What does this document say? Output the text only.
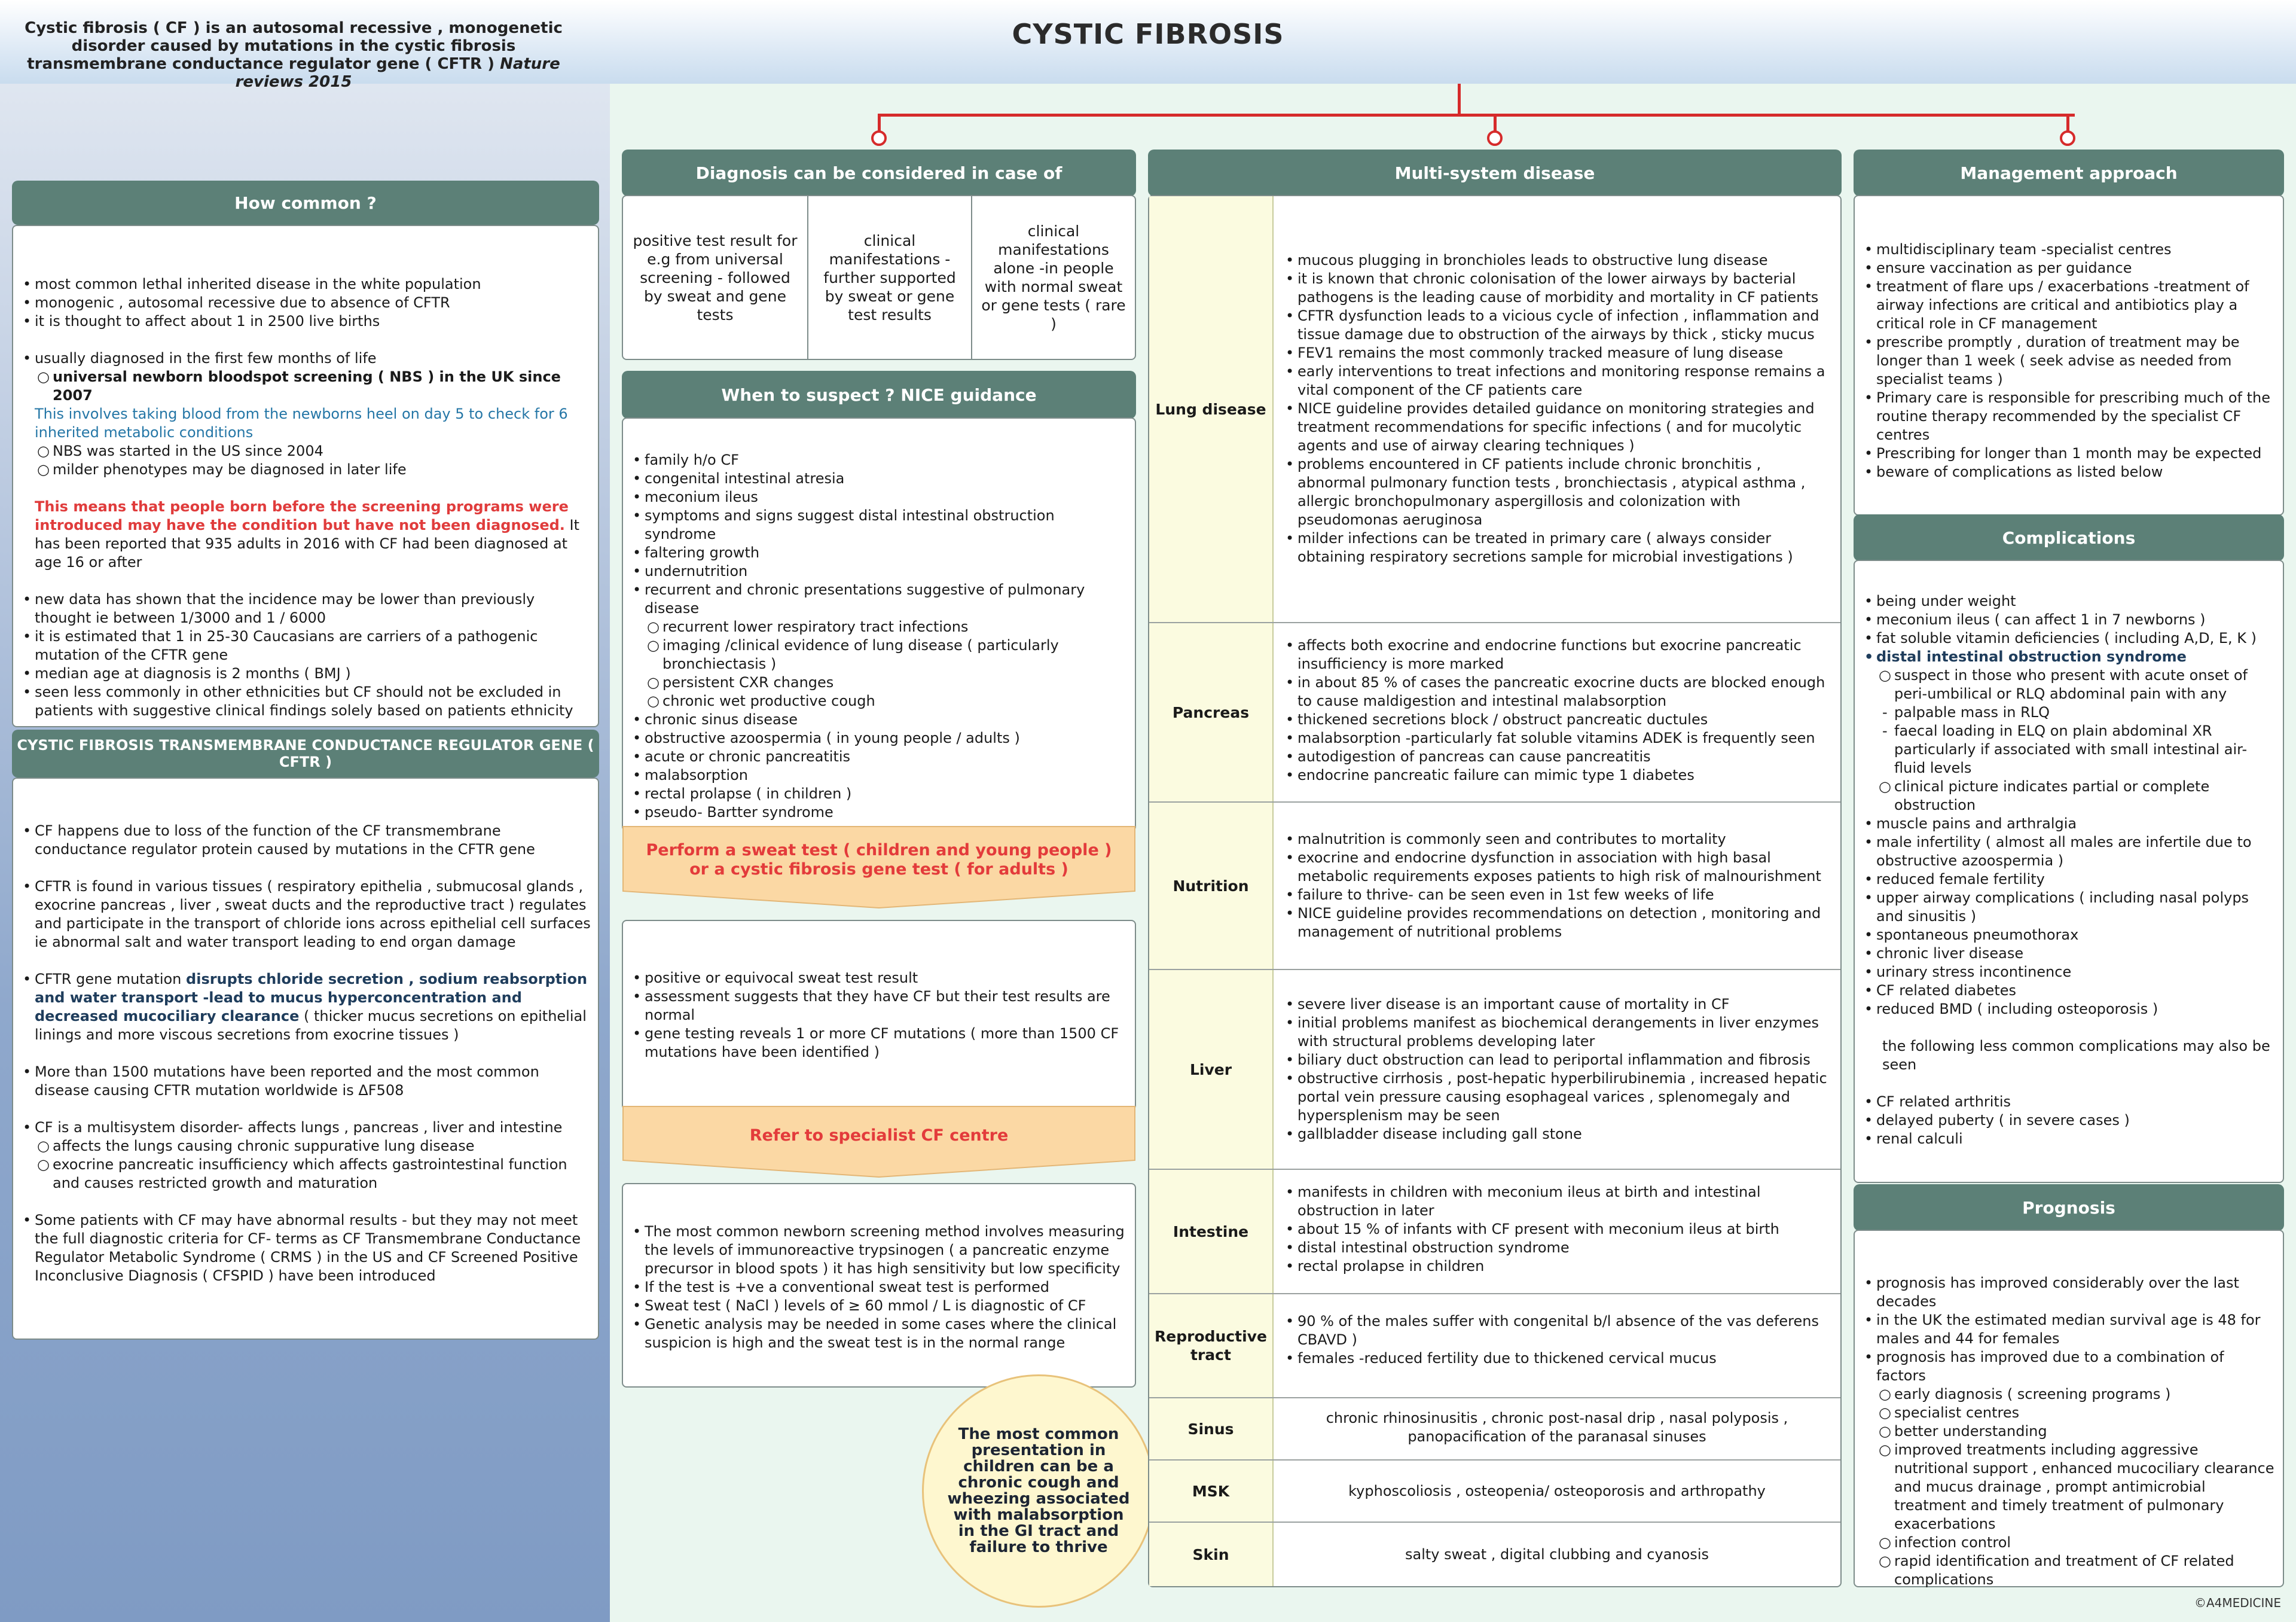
CYSTIC FIBROSIS
Cystic fibrosis ( CF ) is an autosomal recessive , monogenetic disorder caused by mutations in the cystic fibrosis transmembrane conductance regulator gene ( CFTR ) Nature reviews 2015
How common ?
• most common lethal inherited disease in the white population
• monogenic , autosomal recessive due to absence of CFTR
• it is thought to affect about 1 in 2500 live births
• usually diagnosed in the first few months of life
○ universal newborn bloodspot screening ( NBS ) in the UK since 2007
This involves taking blood from the newborns heel on day 5 to check for 6 inherited metabolic conditions
○ NBS was started in the US since 2004
○ milder phenotypes may be diagnosed in later life
This means that people born before the screening programs were introduced may have the condition but have not been diagnosed. It has been reported that 935 adults in 2016 with CF had been diagnosed at age 16 or after
• new data has shown that the incidence may be lower than previously thought ie between 1/3000 and 1 / 6000
• it is estimated that 1 in 25-30 Caucasians are carriers of a pathogenic mutation of the CFTR gene
• median age at diagnosis is 2 months ( BMJ )
• seen less commonly in other ethnicities but CF should not be excluded in patients with suggestive clinical findings solely based on patients ethnicity
CYSTIC FIBROSIS TRANSMEMBRANE CONDUCTANCE REGULATOR GENE ( CFTR )
• CF happens due to loss of the function of the CF transmembrane conductance regulator protein caused by mutations in the CFTR gene
• CFTR is found in various tissues ( respiratory epithelia , submucosal glands , exocrine pancreas , liver , sweat ducts and the reproductive tract ) regulates and participate in the transport of chloride ions across epithelial cell surfaces ie abnormal salt and water transport leading to end organ damage
• CFTR gene mutation disrupts chloride secretion , sodium reabsorption and water transport -lead to mucus hyperconcentration and decreased mucociliary clearance ( thicker mucus secretions on epithelial linings and more viscous secretions from exocrine tissues )
• More than 1500 mutations have been reported and the most common disease causing CFTR mutation worldwide is ΔF508
• CF is a multisystem disorder- affects lungs , pancreas , liver and intestine
○ affects the lungs causing chronic suppurative lung disease
○ exocrine pancreatic insufficiency which affects gastrointestinal function and causes restricted growth and maturation
• Some patients with CF may have abnormal results - but they may not meet the full diagnostic criteria for CF- terms as CF Transmembrane Conductance Regulator Metabolic Syndrome ( CRMS ) in the US and CF Screened Positive Inconclusive Diagnosis ( CFSPID ) have been introduced
Diagnosis can be considered in case of
positive test result for e.g from universal screening - followed by sweat and gene tests
clinical manifestations - further supported by sweat or gene test results
clinical manifestations alone -in people with normal sweat or gene tests ( rare )
When to suspect ? NICE guidance
• family h/o CF
• congenital intestinal atresia
• meconium ileus
• symptoms and signs suggest distal intestinal obstruction syndrome
• faltering growth
• undernutrition
• recurrent and chronic presentations suggestive of pulmonary disease
○ recurrent lower respiratory tract infections
○ imaging /clinical evidence of lung disease ( particularly bronchiectasis )
○ persistent CXR changes
○ chronic wet productive cough
• chronic sinus disease
• obstructive azoospermia ( in young people / adults )
• acute or chronic pancreatitis
• malabsorption
• rectal prolapse ( in children )
• pseudo- Bartter syndrome
Perform a sweat test ( children and young people ) or a cystic fibrosis gene test ( for adults )
• positive or equivocal sweat test result
• assessment suggests that they have CF but their test results are normal
• gene testing reveals 1 or more CF mutations ( more than 1500 CF mutations have been identified )
Refer to specialist CF centre
• The most common newborn screening method involves measuring the levels of immunoreactive trypsinogen ( a pancreatic enzyme precursor in blood spots ) it has high sensitivity but low specificity
• If the test is +ve a conventional sweat test is performed
• Sweat test ( NaCl ) levels of ≥ 60 mmol / L is diagnostic of CF
• Genetic analysis may be needed in some cases where the clinical suspicion is high and the sweat test is in the normal range
The most common presentation in children can be a chronic cough and wheezing associated with malabsorption in the GI tract and failure to thrive
Multi-system disease
Lung disease
• mucous plugging in bronchioles leads to obstructive lung disease
• it is known that chronic colonisation of the lower airways by bacterial pathogens is the leading cause of morbidity and mortality in CF patients
• CFTR dysfunction leads to a vicious cycle of infection , inflammation and tissue damage due to obstruction of the airways by thick , sticky mucus
• FEV1 remains the most commonly tracked measure of lung disease
• early interventions to treat infections and monitoring response remains a vital component of the CF patients care
• NICE guideline provides detailed guidance on monitoring strategies and treatment recommendations for specific infections ( and for mucolytic agents and use of airway clearing techniques )
• problems encountered in CF patients include chronic bronchitis , abnormal pulmonary function tests , bronchiectasis , atypical asthma , allergic bronchopulmonary aspergillosis and colonization with pseudomonas aeruginosa
• milder infections can be treated in primary care ( always consider obtaining respiratory secretions sample for microbial investigations )
Pancreas
• affects both exocrine and endocrine functions but exocrine pancreatic insufficiency is more marked
• in about 85 % of cases the pancreatic exocrine ducts are blocked enough to cause maldigestion and intestinal malabsorption
• thickened secretions block / obstruct pancreatic ductules
• malabsorption -particularly fat soluble vitamins ADEK is frequently seen
• autodigestion of pancreas can cause pancreatitis
• endocrine pancreatic failure can mimic type 1 diabetes
Nutrition
• malnutrition is commonly seen and contributes to mortality
• exocrine and endocrine dysfunction in association with high basal metabolic requirements exposes patients to high risk of malnourishment
• failure to thrive- can be seen even in 1st few weeks of life
• NICE guideline provides recommendations on detection , monitoring and management of nutritional problems
Liver
• severe liver disease is an important cause of mortality in CF
• initial problems manifest as biochemical derangements in liver enzymes with structural problems developing later
• biliary duct obstruction can lead to periportal inflammation and fibrosis
• obstructive cirrhosis , post-hepatic hyperbilirubinemia , increased hepatic portal vein pressure causing esophageal varices , splenomegaly and hypersplenism may be seen
• gallbladder disease including gall stone
Intestine
• manifests in children with meconium ileus at birth and intestinal obstruction in later
• about 15 % of infants with CF present with meconium ileus at birth
• distal intestinal obstruction syndrome
• rectal prolapse in children
Reproductive tract
• 90 % of the males suffer with congenital b/l absence of the vas deferens CBAVD )
• females -reduced fertility due to thickened cervical mucus
Sinus
chronic rhinosinusitis , chronic post-nasal drip , nasal polyposis , panopacification of the paranasal sinuses
MSK	kyphoscoliosis , osteopenia/ osteoporosis and arthropathy
Skin	salty sweat , digital clubbing and cyanosis
Management approach
• multidisciplinary team -specialist centres
• ensure vaccination as per guidance
• treatment of flare ups / exacerbations -treatment of airway infections are critical and antibiotics play a critical role in CF management
• prescribe promptly , duration of treatment may be longer than 1 week ( seek advise as needed from specialist teams )
• Primary care is responsible for prescribing much of the routine therapy recommended by the specialist CF centres
• Prescribing for longer than 1 month may be expected
• beware of complications as listed below
Complications
• being under weight
• meconium ileus ( can affect 1 in 7 newborns )
• fat soluble vitamin deficiencies ( including A,D, E, K )
• distal intestinal obstruction syndrome
○ suspect in those who present with acute onset of peri-umbilical or RLQ abdominal pain with any
- palpable mass in RLQ
- faecal loading in ELQ on plain abdominal XR particularly if associated with small intestinal air-fluid levels
○ clinical picture indicates partial or complete obstruction
• muscle pains and arthralgia
• male infertility ( almost all males are infertile due to obstructive azoospermia )
• reduced female fertility
• upper airway complications ( including nasal polyps and sinusitis )
• spontaneous pneumothorax
• chronic liver disease
• urinary stress incontinence
• CF related diabetes
• reduced BMD ( including osteoporosis )
the following less common complications may also be seen
• CF related arthritis
• delayed puberty ( in severe cases )
• renal calculi
Prognosis
• prognosis has improved considerably over the last decades
• in the UK the estimated median survival age is 48 for males and 44 for females
• prognosis has improved due to a combination of factors
○ early diagnosis ( screening programs )
○ specialist centres
○ better understanding
○ improved treatments including aggressive nutritional support , enhanced mucociliary clearance and mucus drainage , prompt antimicrobial treatment and timely treatment of pulmonary exacerbations
○ infection control
○ rapid identification and treatment of CF related complications
©A4MEDICINE
